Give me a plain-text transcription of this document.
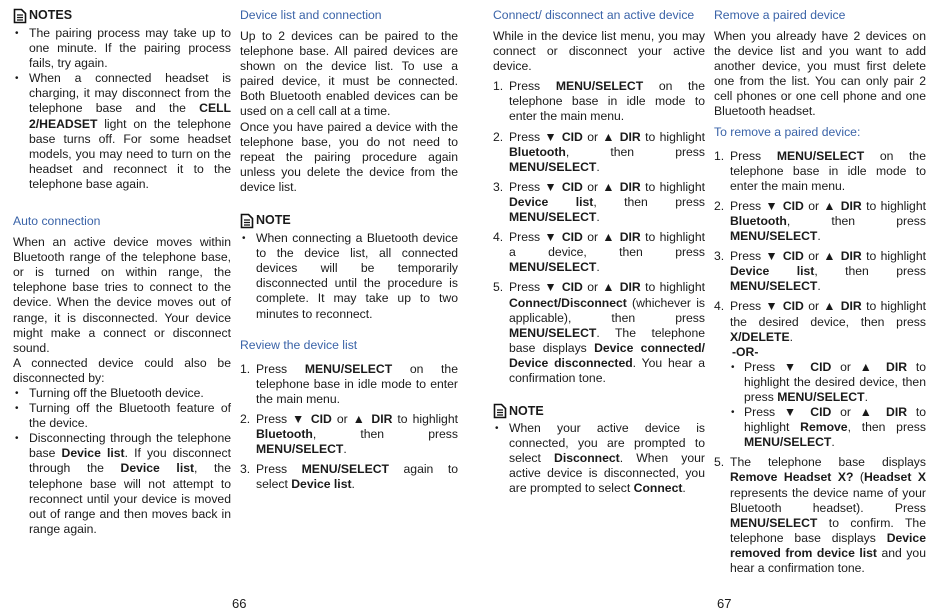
NOTES
• The pairing process may take up to one minute. If the pairing process fails, try again.
• When a connected headset is charging, it may disconnect from the telephone base and the CELL 2/HEADSET light on the telephone base turns off. For some headset models, you may need to turn on the headset and reconnect it to the telephone base again.
Auto connection

When an active device moves within Bluetooth range of the telephone base, or is turned on within range, the telephone base tries to connect to the device. When the device moves out of range, it is disconnected. Your device might make a connect or disconnect sound.

A connected device could also be disconnected by:

• Turning off the Bluetooth device.
• Turning off the Bluetooth feature of the device.
• Disconnecting through the telephone base Device list. If you disconnect through the Device list, the telephone base will not attempt to reconnect until your device is moved out of range and then moves back in range again.
Device list and connection

Up to 2 devices can be paired to the telephone base. All paired devices are shown on the device list. To use a paired device, it must be connected. Both Bluetooth enabled devices can be used on a cell call at a time.

Once you have paired a device with the telephone base, you do not need to repeat the pairing procedure again unless you delete the device from the device list.

NOTE
• When connecting a Bluetooth device to the device list, all connected devices will be temporarily disconnected until the procedure is complete. It may take up to two minutes to reconnect.
Review the device list
1. Press MENU/SELECT on the telephone base in idle mode to enter the main menu.
2. Press ▼ CID or ▲ DIR to highlight Bluetooth, then press MENU/SELECT.
3. Press MENU/SELECT again to select Device list.
Connect/ disconnect an active device

While in the device list menu, you may connect or disconnect your active device.

1. Press MENU/SELECT on the telephone base in idle mode to enter the main menu.
2. Press ▼ CID or ▲ DIR to highlight Bluetooth, then press MENU/SELECT.
3. Press ▼ CID or ▲ DIR to highlight Device list, then press MENU/SELECT.
4. Press ▼ CID or ▲ DIR to highlight a device, then press MENU/SELECT.
5. Press ▼ CID or ▲ DIR to highlight Connect/Disconnect (whichever is applicable), then press MENU/SELECT. The telephone base displays Device connected/ Device disconnected. You hear a confirmation tone.
NOTE
• When your active device is connected, you are prompted to select Disconnect. When your active device is disconnected, you are prompted to select Connect.
Remove a paired device

When you already have 2 devices on the device list and you want to add another device, you must first delete one from the list. You can only pair 2 cell phones or one cell phone and one Bluetooth headset.

To remove a paired device:
1. Press MENU/SELECT on the telephone base in idle mode to enter the main menu.
2. Press ▼ CID or ▲ DIR to highlight Bluetooth, then press MENU/SELECT.
3. Press ▼ CID or ▲ DIR to highlight Device list, then press MENU/SELECT.
4. Press ▼ CID or ▲ DIR to highlight the desired device, then press X/DELETE.
-OR-
• Press ▼ CID or ▲ DIR to highlight the desired device, then press MENU/SELECT.
• Press ▼ CID or ▲ DIR to highlight Remove, then press MENU/SELECT.
5. The telephone base displays Remove Headset X? (Headset X represents the device name of your Bluetooth headset). Press MENU/SELECT to confirm. The telephone base displays Device removed from device list and you hear a confirmation tone.
66	67
